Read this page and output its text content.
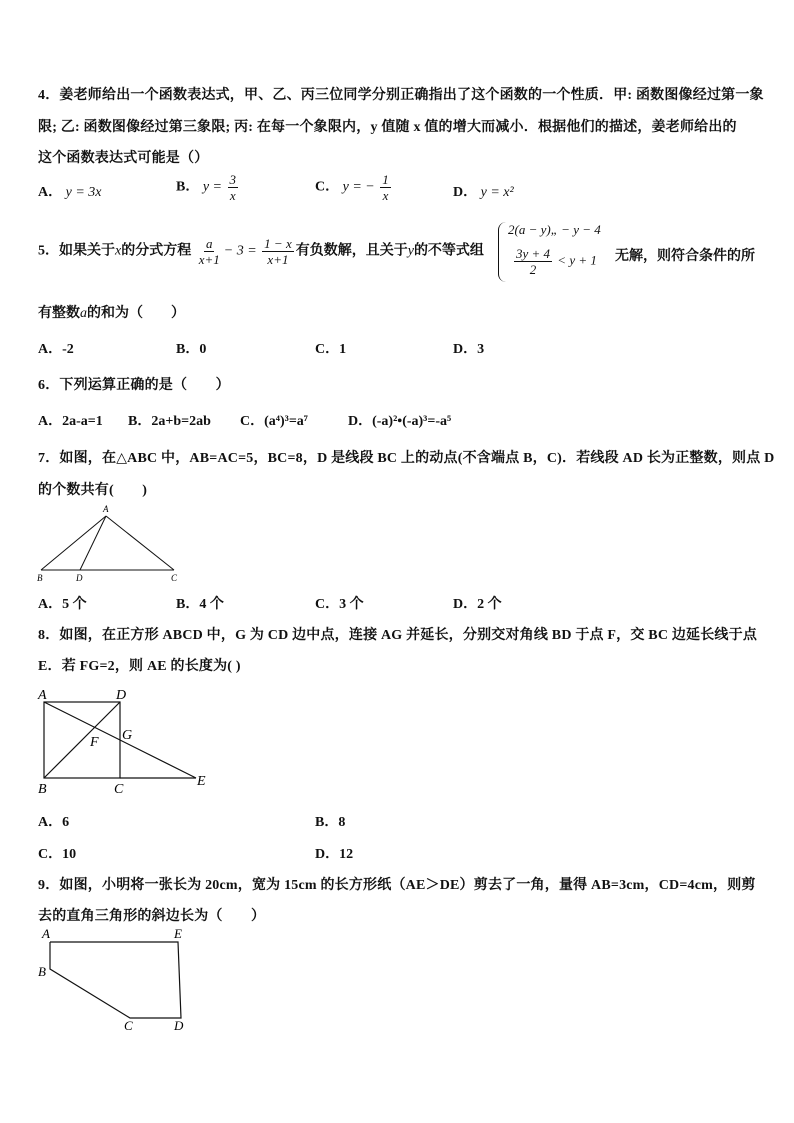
4．姜老师给出一个函数表达式，甲、乙、丙三位同学分别正确指出了这个函数的一个性质．甲: 函数图像经过第一象
限; 乙: 函数图像经过第三象限; 丙: 在每一个象限内，y 值随 x 值的增大而减小．根据他们的描述，姜老师给出的
这个函数表达式可能是（）
A． y = 3x	B． $y = \frac{3}{x}$	C． y = − $\frac{1}{x}$	D． y = x²
5．如果关于x的分式方程 $\frac{a}{x+1} - 3 = \frac{1 - x}{x+1}$ 有负数解，且关于y的不等式组
2(a − y)„ − y − 4
$\frac{3y + 4}{2} < y + 1$ 无解，则符合条件的所
有整数a的和为（　　）
A．-2	B．0	C．1	D．3
6．下列运算正确的是（　　）
A．2a-a=1 B．2a+b=2ab C．(a⁴)³=a⁷	D．(-a)²•(-a)³=-a⁵
7．如图，在△ABC 中，AB=AC=5，BC=8，D 是线段 BC 上的动点(不含端点 B，C)．若线段 AD 长为正整数，则点 D
的个数共有(　　)
A
B	D	C
A．5 个	B．4 个	C．3 个	D．2 个
8．如图，在正方形 ABCD 中，G 为 CD 边中点，连接 AG 并延长，分别交对角线 BD 于点 F，交 BC 边延长线于点
E．若 FG=2，则 AE 的长度为( )
A	D
F G
B	C
E
A．6	B．8
C．10	D．12
9．如图，小明将一张长为 20cm，宽为 15cm 的长方形纸（AE＞DE）剪去了一角，量得 AB=3cm，CD=4cm，则剪
去的直角三角形的斜边长为（　　）
A	E
B
C	D
